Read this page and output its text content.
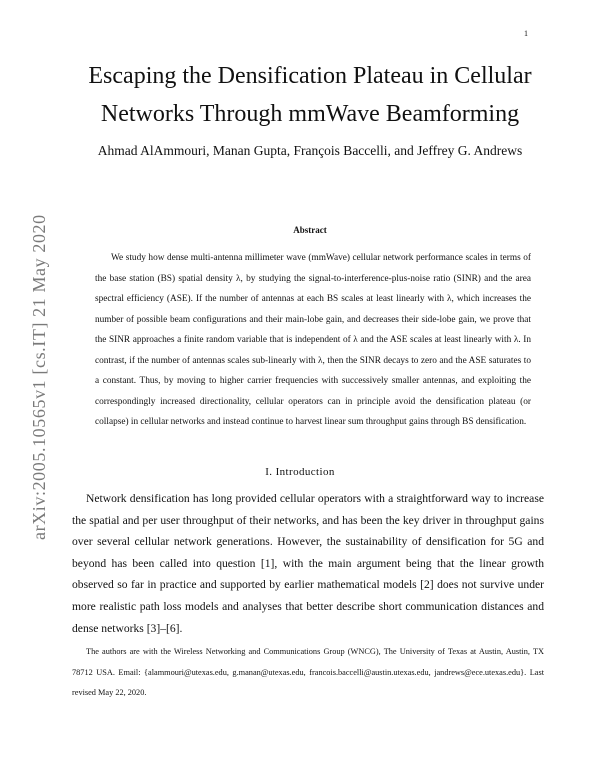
1
arXiv:2005.10565v1 [cs.IT] 21 May 2020
Escaping the Densification Plateau in Cellular
Networks Through mmWave Beamforming
Ahmad AlAmmouri, Manan Gupta, François Baccelli, and Jeffrey G. Andrews
Abstract
We study how dense multi-antenna millimeter wave (mmWave) cellular network performance scales in terms of the base station (BS) spatial density λ, by studying the signal-to-interference-plus-noise ratio (SINR) and the area spectral efficiency (ASE). If the number of antennas at each BS scales at least linearly with λ, which increases the number of possible beam configurations and their main-lobe gain, and decreases their side-lobe gain, we prove that the SINR approaches a finite random variable that is independent of λ and the ASE scales at least linearly with λ. In contrast, if the number of antennas scales sub-linearly with λ, then the SINR decays to zero and the ASE saturates to a constant. Thus, by moving to higher carrier frequencies with successively smaller antennas, and exploiting the correspondingly increased directionality, cellular operators can in principle avoid the densification plateau (or collapse) in cellular networks and instead continue to harvest linear sum throughput gains through BS densification.
I. Introduction
Network densification has long provided cellular operators with a straightforward way to increase the spatial and per user throughput of their networks, and has been the key driver in throughput gains over several cellular network generations. However, the sustainability of densification for 5G and beyond has been called into question [1], with the main argument being that the linear growth observed so far in practice and supported by earlier mathematical models [2] does not survive under more realistic path loss models and analyses that better describe short communication distances and dense networks [3]–[6].
The authors are with the Wireless Networking and Communications Group (WNCG), The University of Texas at Austin, Austin, TX 78712 USA. Email: {alammouri@utexas.edu, g.manan@utexas.edu, francois.baccelli@austin.utexas.edu, jandrews@ece.utexas.edu}. Last revised May 22, 2020.
